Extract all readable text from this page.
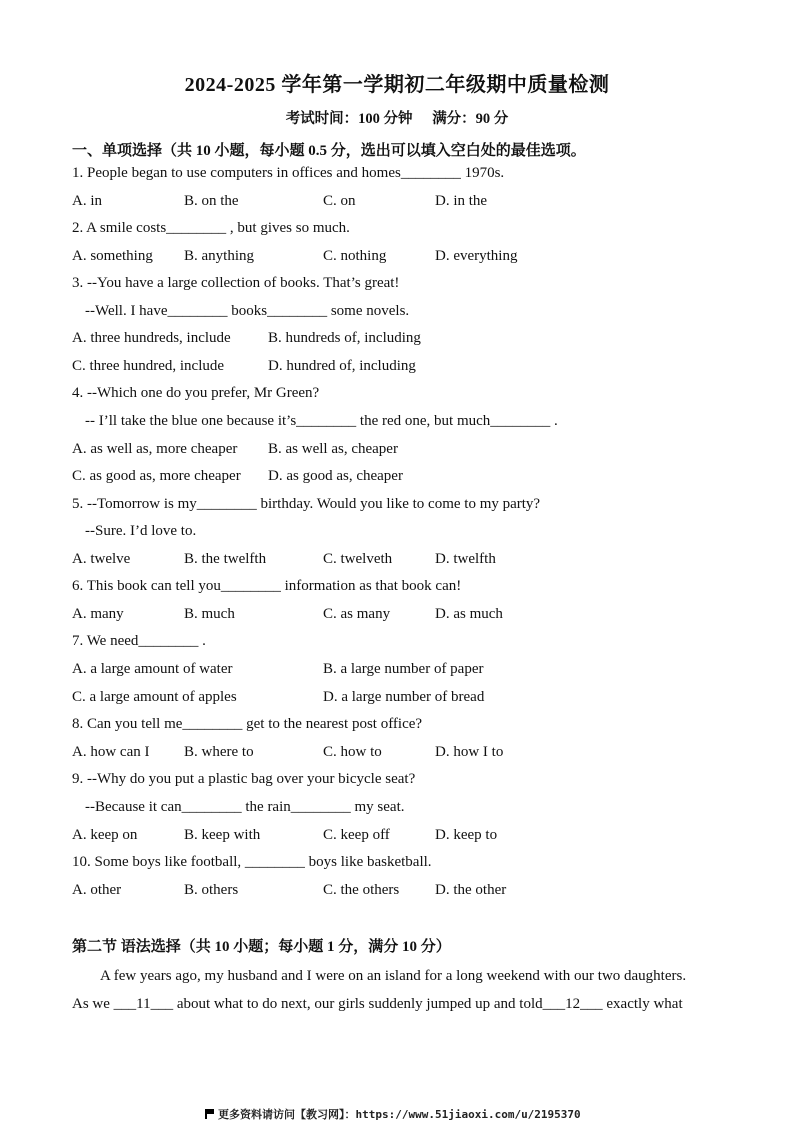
2024-2025 学年第一学期初二年级期中质量检测
考试时间：100 分钟 满分：90 分
一、单项选择（共 10 小题，每小题 0.5 分，选出可以填入空白处的最佳选项。
1. People began to use computers in offices and homes________ 1970s.
A. in	B. on the	C. on	D. in the
2. A smile costs________ , but gives so much.
A. something B. anything	C. nothing	D. everything
3. --You have a large collection of books. That’s great!
--Well. I have________ books________ some novels.
A. three hundreds, include B. hundreds of, including
C. three hundred, include	D. hundred of, including
4. --Which one do you prefer, Mr Green?
-- I’ll take the blue one because it’s________ the red one, but much________ .
A. as well as, more cheaper B. as well as, cheaper
C. as good as, more cheaper D. as good as, cheaper
5. --Tomorrow is my________ birthday. Would you like to come to my party?
--Sure. I’d love to.
A. twelve	B. the twelfth	C. twelveth	D. twelfth
6. This book can tell you________ information as that book can!
A. many	B. much	C. as many	D. as much
7. We need________ .
A. a large amount of water	B. a large number of paper
C. a large amount of apples	D. a large number of bread
8. Can you tell me________ get to the nearest post office?
A. how can I B. where to	C. how to	D. how I to
9. --Why do you put a plastic bag over your bicycle seat?
--Because it can________ the rain________ my seat.
A. keep on	B. keep with	C. keep off	D. keep to
10. Some boys like football, ________ boys like basketball.
A. other	B. others	C. the others D. the other
第二节 语法选择（共 10 小题；每小题 1 分，满分 10 分）
A few years ago, my husband and I were on an island for a long weekend with our two daughters.
As we ___11___ about what to do next, our girls suddenly jumped up and told___12___ exactly what
更多资料请访问【教习网】：https://www.51jiaoxi.com/u/2195370
